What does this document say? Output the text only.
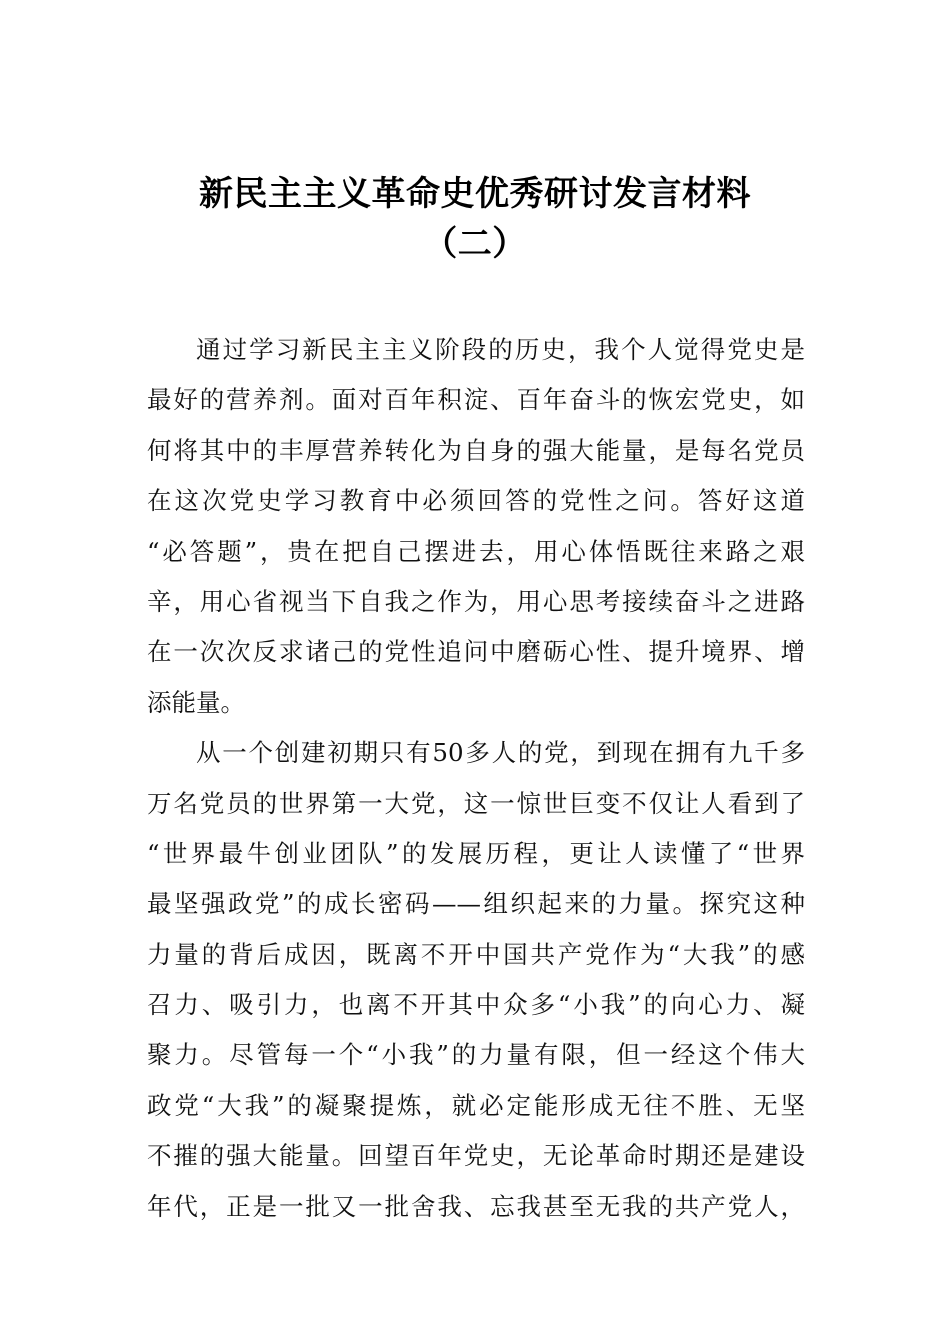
新民主主义革命史优秀研讨发言材料
（二）
通过学习新民主主义阶段的历史，我个人觉得党史是
最好的营养剂。面对百年积淀、百年奋斗的恢宏党史，如
何将其中的丰厚营养转化为自身的强大能量，是每名党员
在这次党史学习教育中必须回答的党性之问。答好这道
“必答题”，贵在把自己摆进去，用心体悟既往来路之艰
辛，用心省视当下自我之作为，用心思考接续奋斗之进路
在一次次反求诸己的党性追问中磨砺心性、提升境界、增
添能量。
从一个创建初期只有50多人的党，到现在拥有九千多
万名党员的世界第一大党，这一惊世巨变不仅让人看到了
“世界最牛创业团队”的发展历程，更让人读懂了“世界
最坚强政党”的成长密码——组织起来的力量。探究这种
力量的背后成因，既离不开中国共产党作为“大我”的感
召力、吸引力，也离不开其中众多“小我”的向心力、凝
聚力。尽管每一个“小我”的力量有限，但一经这个伟大
政党“大我”的凝聚提炼，就必定能形成无往不胜、无坚
不摧的强大能量。回望百年党史，无论革命时期还是建设
年代，正是一批又一批舍我、忘我甚至无我的共产党人，
